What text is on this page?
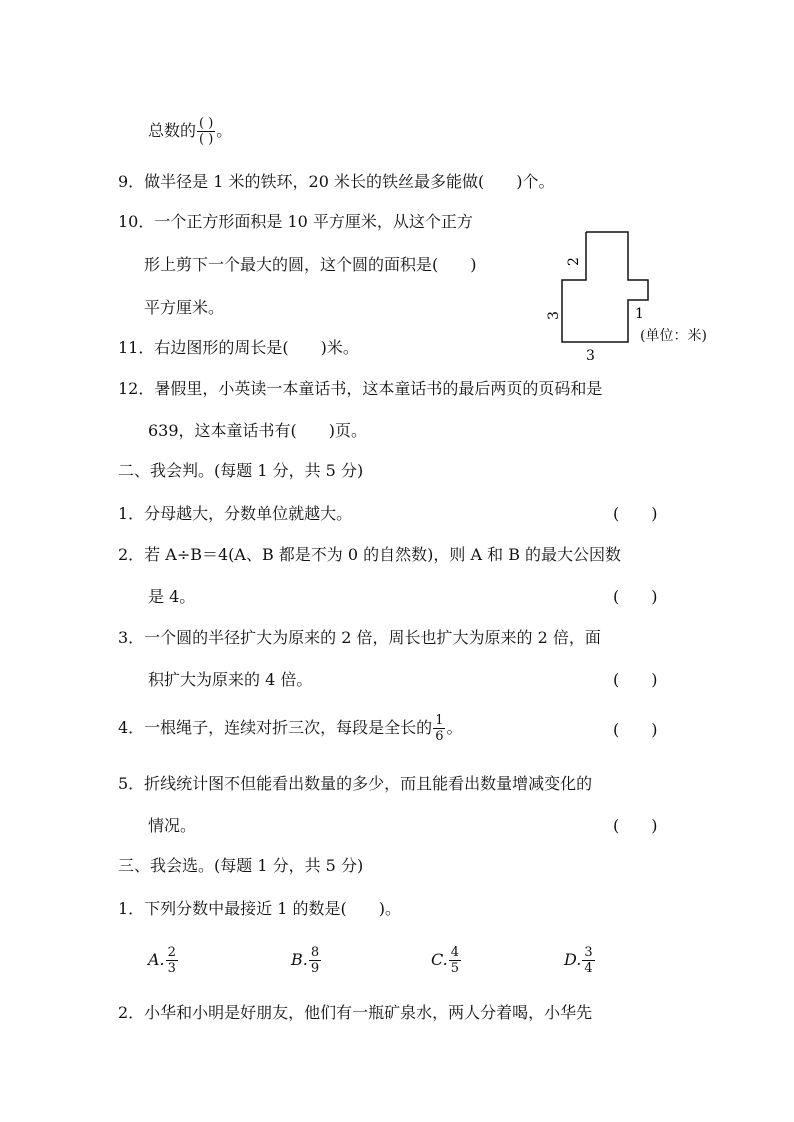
总数的 $\frac{( )}{( )}$ 。
9．做半径是 1 米的铁环，20 米长的铁丝最多能做(　　)个。
10．一个正方形面积是 10 平方厘米，从这个正方
形上剪下一个最大的圆，这个圆的面积是(　　)
平方厘米。
11．右边图形的周长是(　　)米。
2
3	1
3
(单位：米)
12．暑假里，小英读一本童话书，这本童话书的最后两页的页码和是
639，这本童话书有(　　)页。
二、我会判。(每题 1 分，共 5 分)
1．分母越大，分数单位就越大。	(　　)
2．若 A÷B＝4(A、B 都是不为 0 的自然数)，则 A 和 B 的最大公因数
是 4。	(　　)
3．一个圆的半径扩大为原来的 2 倍，周长也扩大为原来的 2 倍，面
积扩大为原来的 4 倍。	(　　)
4．一根绳子，连续对折三次，每段是全长的 $\frac{1}{6}$ 。	(　　)
5．折线统计图不但能看出数量的多少，而且能看出数量增减变化的
情况。	(　　)
三、我会选。(每题 1 分，共 5 分)
1．下列分数中最接近 1 的数是(　　)。
A. $\frac{2}{3}$	B. $\frac{8}{9}$	C. $\frac{4}{5}$	D. $\frac{3}{4}$
2．小华和小明是好朋友，他们有一瓶矿泉水，两人分着喝，小华先
